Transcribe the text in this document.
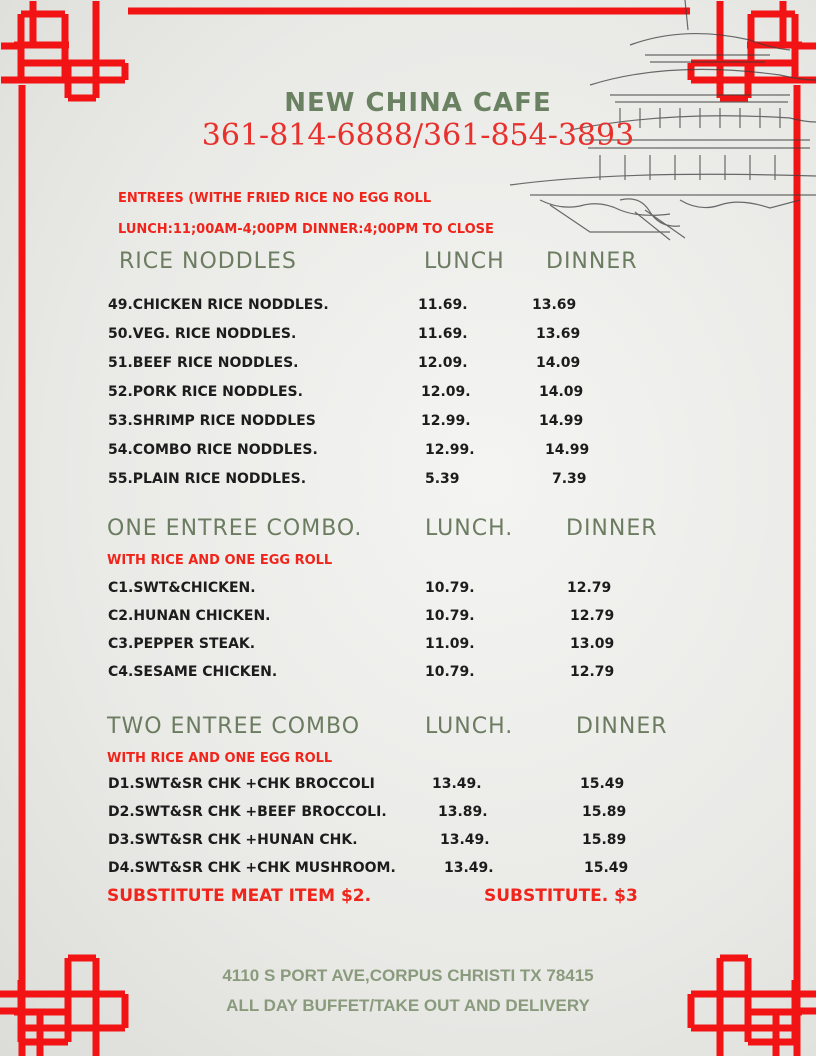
NEW CHINA CAFE
361-814-6888/361-854-3893
ENTREES (WITHE FRIED RICE NO EGG ROLL
LUNCH:11;00AM-4;00PM DINNER:4;00PM TO CLOSE
RICE NODDLES	LUNCH DINNER
49.CHICKEN RICE NODDLES.	11.69.	13.69
50.VEG. RICE NODDLES.	11.69.	13.69
51.BEEF RICE NODDLES.	12.09.	14.09
52.PORK RICE NODDLES.	12.09.	14.09
53.SHRIMP RICE NODDLES	12.99.	14.99
54.COMBO RICE NODDLES.	12.99.	14.99
55.PLAIN RICE NODDLES.	5.39	7.39
ONE ENTREE COMBO.	LUNCH. DINNER
WITH RICE AND ONE EGG ROLL
C1.SWT&CHICKEN.	10.79.	12.79
C2.HUNAN CHICKEN.	10.79.	12.79
C3.PEPPER STEAK.	11.09.	13.09
C4.SESAME CHICKEN.	10.79.	12.79
TWO ENTREE COMBO	LUNCH.	DINNER
WITH RICE AND ONE EGG ROLL
D1.SWT&SR CHK +CHK BROCCOLI	13.49.	15.49
D2.SWT&SR CHK +BEEF BROCCOLI.	13.89.	15.89
D3.SWT&SR CHK +HUNAN CHK.	13.49.	15.89
D4.SWT&SR CHK +CHK MUSHROOM.	13.49.	15.49
SUBSTITUTE MEAT ITEM $2.	SUBSTITUTE. $3
4110 S PORT AVE,CORPUS CHRISTI TX 78415
ALL DAY BUFFET/TAKE OUT AND DELIVERY
